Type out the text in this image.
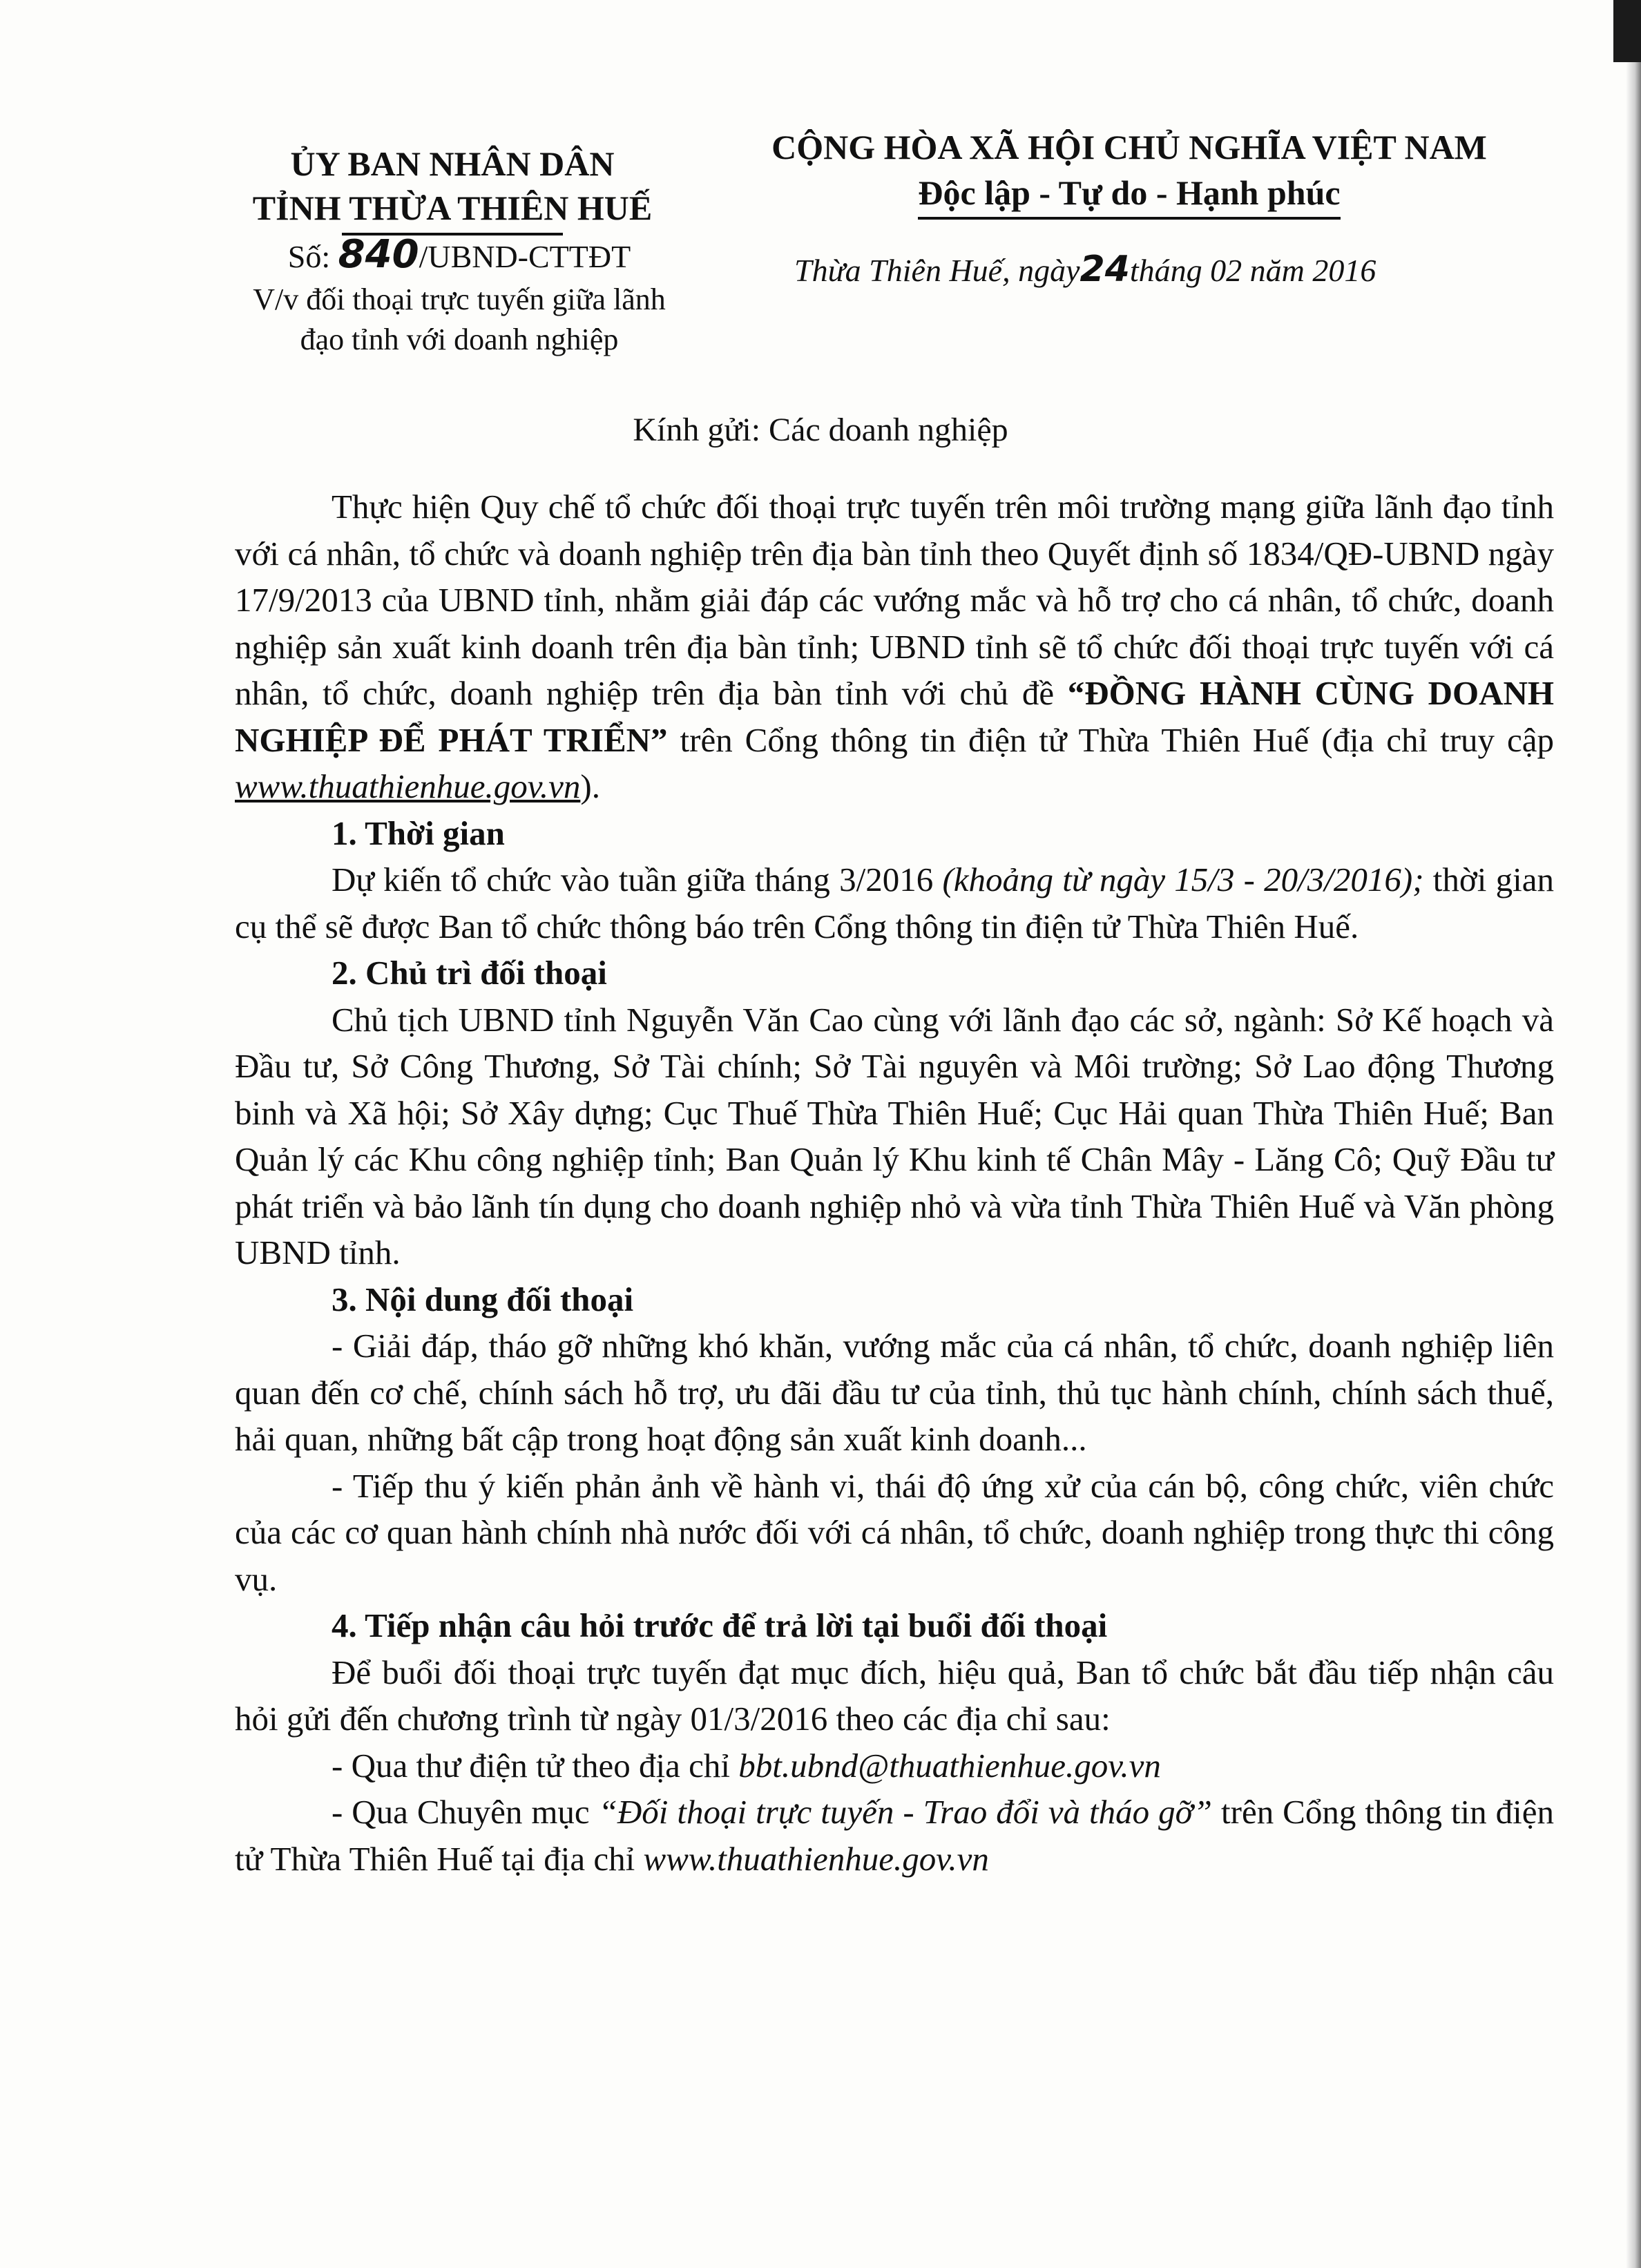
ỦY BAN NHÂN DÂN
TỈNH THỪA THIÊN HUẾ
Số: 840/UBND-CTTĐT
V/v đối thoại trực tuyến giữa lãnh
đạo tỉnh với doanh nghiệp
CỘNG HÒA XÃ HỘI CHỦ NGHĨA VIỆT NAM
Độc lập - Tự do - Hạnh phúc
Thừa Thiên Huế, ngày24tháng 02 năm 2016
Kính gửi: Các doanh nghiệp

Thực hiện Quy chế tổ chức đối thoại trực tuyến trên môi trường mạng giữa lãnh đạo tỉnh với cá nhân, tổ chức và doanh nghiệp trên địa bàn tỉnh theo Quyết định số 1834/QĐ-UBND ngày 17/9/2013 của UBND tỉnh, nhằm giải đáp các vướng mắc và hỗ trợ cho cá nhân, tổ chức, doanh nghiệp sản xuất kinh doanh trên địa bàn tỉnh; UBND tỉnh sẽ tổ chức đối thoại trực tuyến với cá nhân, tổ chức, doanh nghiệp trên địa bàn tỉnh với chủ đề “ĐỒNG HÀNH CÙNG DOANH NGHIỆP ĐỂ PHÁT TRIỂN” trên Cổng thông tin điện tử Thừa Thiên Huế (địa chỉ truy cập www.thuathienhue.gov.vn).

1. Thời gian

Dự kiến tổ chức vào tuần giữa tháng 3/2016 (khoảng từ ngày 15/3 - 20/3/2016); thời gian cụ thể sẽ được Ban tổ chức thông báo trên Cổng thông tin điện tử Thừa Thiên Huế.

2. Chủ trì đối thoại

Chủ tịch UBND tỉnh Nguyễn Văn Cao cùng với lãnh đạo các sở, ngành: Sở Kế hoạch và Đầu tư, Sở Công Thương, Sở Tài chính; Sở Tài nguyên và Môi trường; Sở Lao động Thương binh và Xã hội; Sở Xây dựng; Cục Thuế Thừa Thiên Huế; Cục Hải quan Thừa Thiên Huế; Ban Quản lý các Khu công nghiệp tỉnh; Ban Quản lý Khu kinh tế Chân Mây - Lăng Cô; Quỹ Đầu tư phát triển và bảo lãnh tín dụng cho doanh nghiệp nhỏ và vừa tỉnh Thừa Thiên Huế và Văn phòng UBND tỉnh.

3. Nội dung đối thoại

- Giải đáp, tháo gỡ những khó khăn, vướng mắc của cá nhân, tổ chức, doanh nghiệp liên quan đến cơ chế, chính sách hỗ trợ, ưu đãi đầu tư của tỉnh, thủ tục hành chính, chính sách thuế, hải quan, những bất cập trong hoạt động sản xuất kinh doanh...

- Tiếp thu ý kiến phản ảnh về hành vi, thái độ ứng xử của cán bộ, công chức, viên chức của các cơ quan hành chính nhà nước đối với cá nhân, tổ chức, doanh nghiệp trong thực thi công vụ.

4. Tiếp nhận câu hỏi trước để trả lời tại buổi đối thoại

Để buổi đối thoại trực tuyến đạt mục đích, hiệu quả, Ban tổ chức bắt đầu tiếp nhận câu hỏi gửi đến chương trình từ ngày 01/3/2016 theo các địa chỉ sau:

- Qua thư điện tử theo địa chỉ bbt.ubnd@thuathienhue.gov.vn

- Qua Chuyên mục “Đối thoại trực tuyến - Trao đổi và tháo gỡ” trên Cổng thông tin điện tử Thừa Thiên Huế tại địa chỉ www.thuathienhue.gov.vn
